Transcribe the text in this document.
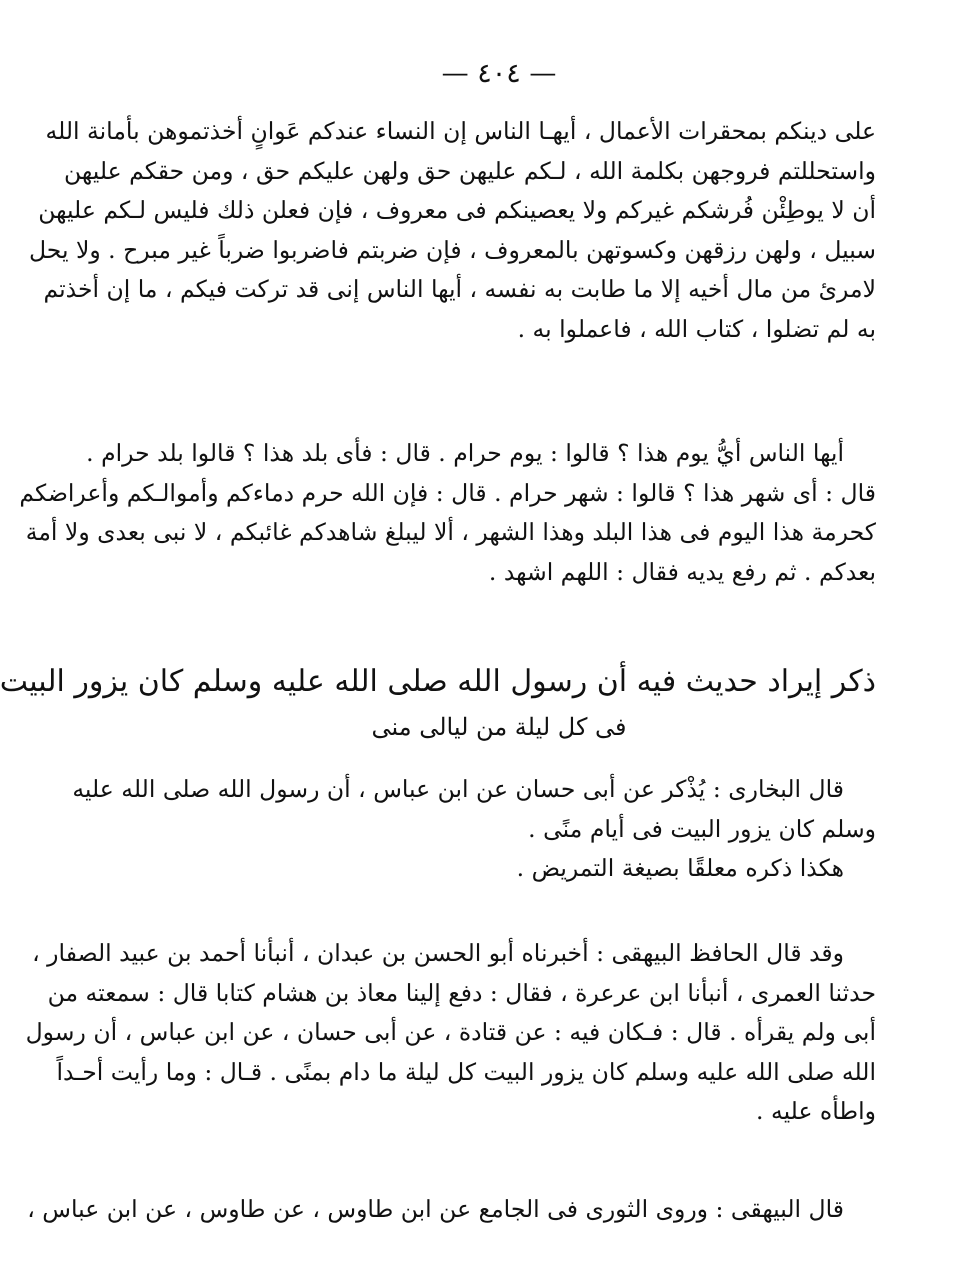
— ٤٠٤ —
على دينكم بمحقرات الأعمال ، أيهـا الناس إن النساء عندكم عَوانٍ أخذتموهن بأمانة الله
واستحللتم فروجهن بكلمة الله ، لـكم عليهن حق ولهن عليكم حق ، ومن حقكم عليهن
أن لا يوطِئْن فُرشكم غيركم ولا يعصينكم فى معروف ، فإن فعلن ذلك فليس لـكم عليهن
سبيل ، ولهن رزقهن وكسوتهن بالمعروف ، فإن ضربتم فاضربوا ضرباً غير مبرح . ولا يحل
لامرئ من مال أخيه إلا ما طابت به نفسه ، أيها الناس إنى قد تركت فيكم ، ما إن أخذتم
به لم تضلوا ، كتاب الله ، فاعملوا به .
أيها الناس أيُّ يوم هذا ؟ قالوا : يوم حرام . قال : فأى بلد هذا ؟ قالوا بلد حرام .
قال : أى شهر هذا ؟ قالوا : شهر حرام . قال : فإن الله حرم دماءكم وأموالـكم وأعراضكم
كحرمة هذا اليوم فى هذا البلد وهذا الشهر ، ألا ليبلغ شاهدكم غائبكم ، لا نبى بعدى ولا أمة
بعدكم . ثم رفع يديه فقال : اللهم اشهد .
ذكر إيراد حديث فيه أن رسول الله صلى الله عليه وسلم كان يزور البيت
فى كل ليلة من ليالى منى
قال البخارى : يُذْكر عن أبى حسان عن ابن عباس ، أن رسول الله صلى الله عليه
وسلم كان يزور البيت فى أيام منًى .
هكذا ذكره معلقًا بصيغة التمريض .
وقد قال الحافظ البيهقى : أخبرناه أبو الحسن بن عبدان ، أنبأنا أحمد بن عبيد الصفار ،
حدثنا العمرى ، أنبأنا ابن عرعرة ، فقال : دفع إلينا معاذ بن هشام كتابا قال : سمعته من
أبى ولم يقرأه . قال : فـكان فيه : عن قتادة ، عن أبى حسان ، عن ابن عباس ، أن رسول
الله صلى الله عليه وسلم كان يزور البيت كل ليلة ما دام بمنًى . قـال : وما رأيت أحـداً
واطأه عليه .
قال البيهقى : وروى الثورى فى الجامع عن ابن طاوس ، عن طاوس ، عن ابن عباس ،
